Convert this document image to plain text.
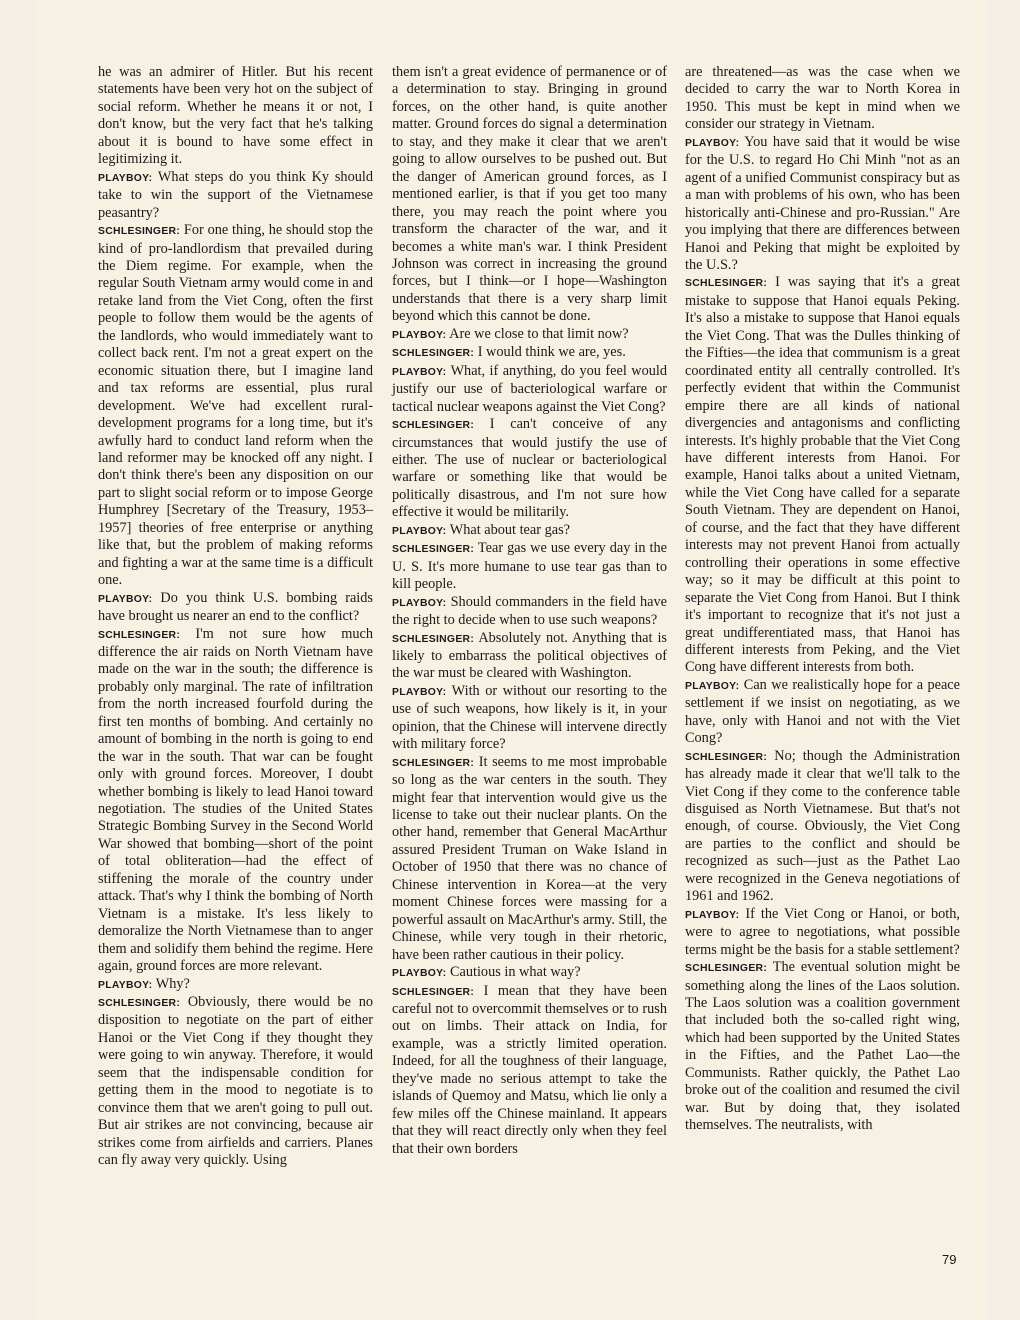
he was an admirer of Hitler. But his recent statements have been very hot on the subject of social reform. Whether he means it or not, I don't know, but the very fact that he's talking about it is bound to have some effect in legitimizing it.

PLAYBOY: What steps do you think Ky should take to win the support of the Vietnamese peasantry?

SCHLESINGER: For one thing, he should stop the kind of pro-landlordism that prevailed during the Diem regime. For example, when the regular South Vietnam army would come in and retake land from the Viet Cong, often the first people to follow them would be the agents of the landlords, who would immediately want to collect back rent. I'm not a great expert on the economic situation there, but I imagine land and tax reforms are essential, plus rural development. We've had excellent rural-development programs for a long time, but it's awfully hard to conduct land reform when the land reformer may be knocked off any night. I don't think there's been any disposition on our part to slight social reform or to impose George Humphrey [Secretary of the Treasury, 1953–1957] theories of free enterprise or anything like that, but the problem of making reforms and fighting a war at the same time is a difficult one.

PLAYBOY: Do you think U.S. bombing raids have brought us nearer an end to the conflict?

SCHLESINGER: I'm not sure how much difference the air raids on North Vietnam have made on the war in the south; the difference is probably only marginal. The rate of infiltration from the north increased fourfold during the first ten months of bombing. And certainly no amount of bombing in the north is going to end the war in the south. That war can be fought only with ground forces. Moreover, I doubt whether bombing is likely to lead Hanoi toward negotiation. The studies of the United States Strategic Bombing Survey in the Second World War showed that bombing—short of the point of total obliteration—had the effect of stiffening the morale of the country under attack. That's why I think the bombing of North Vietnam is a mistake. It's less likely to demoralize the North Vietnamese than to anger them and solidify them behind the regime. Here again, ground forces are more relevant.

PLAYBOY: Why?

SCHLESINGER: Obviously, there would be no disposition to negotiate on the part of either Hanoi or the Viet Cong if they thought they were going to win anyway. Therefore, it would seem that the indispensable condition for getting them in the mood to negotiate is to convince them that we aren't going to pull out. But air strikes are not convincing, because air strikes come from airfields and carriers. Planes can fly away very quickly. Using

them isn't a great evidence of permanence or of a determination to stay. Bringing in ground forces, on the other hand, is quite another matter. Ground forces do signal a determination to stay, and they make it clear that we aren't going to allow ourselves to be pushed out. But the danger of American ground forces, as I mentioned earlier, is that if you get too many there, you may reach the point where you transform the character of the war, and it becomes a white man's war. I think President Johnson was correct in increasing the ground forces, but I think—or I hope—Washington understands that there is a very sharp limit beyond which this cannot be done.

PLAYBOY: Are we close to that limit now?

SCHLESINGER: I would think we are, yes.

PLAYBOY: What, if anything, do you feel would justify our use of bacteriological warfare or tactical nuclear weapons against the Viet Cong?

SCHLESINGER: I can't conceive of any circumstances that would justify the use of either. The use of nuclear or bacteriological warfare or something like that would be politically disastrous, and I'm not sure how effective it would be militarily.

PLAYBOY: What about tear gas?

SCHLESINGER: Tear gas we use every day in the U. S. It's more humane to use tear gas than to kill people.

PLAYBOY: Should commanders in the field have the right to decide when to use such weapons?

SCHLESINGER: Absolutely not. Anything that is likely to embarrass the political objectives of the war must be cleared with Washington.

PLAYBOY: With or without our resorting to the use of such weapons, how likely is it, in your opinion, that the Chinese will intervene directly with military force?

SCHLESINGER: It seems to me most improbable so long as the war centers in the south. They might fear that intervention would give us the license to take out their nuclear plants. On the other hand, remember that General MacArthur assured President Truman on Wake Island in October of 1950 that there was no chance of Chinese intervention in Korea—at the very moment Chinese forces were massing for a powerful assault on MacArthur's army. Still, the Chinese, while very tough in their rhetoric, have been rather cautious in their policy.

PLAYBOY: Cautious in what way?

SCHLESINGER: I mean that they have been careful not to overcommit themselves or to rush out on limbs. Their attack on India, for example, was a strictly limited operation. Indeed, for all the toughness of their language, they've made no serious attempt to take the islands of Quemoy and Matsu, which lie only a few miles off the Chinese mainland. It appears that they will react directly only when they feel that their own borders

are threatened—as was the case when we decided to carry the war to North Korea in 1950. This must be kept in mind when we consider our strategy in Vietnam.

PLAYBOY: You have said that it would be wise for the U.S. to regard Ho Chi Minh "not as an agent of a unified Communist conspiracy but as a man with problems of his own, who has been historically anti-Chinese and pro-Russian." Are you implying that there are differences between Hanoi and Peking that might be exploited by the U.S.?

SCHLESINGER: I was saying that it's a great mistake to suppose that Hanoi equals Peking. It's also a mistake to suppose that Hanoi equals the Viet Cong. That was the Dulles thinking of the Fifties—the idea that communism is a great coordinated entity all centrally controlled. It's perfectly evident that within the Communist empire there are all kinds of national divergencies and antagonisms and conflicting interests. It's highly probable that the Viet Cong have different interests from Hanoi. For example, Hanoi talks about a united Vietnam, while the Viet Cong have called for a separate South Vietnam. They are dependent on Hanoi, of course, and the fact that they have different interests may not prevent Hanoi from actually controlling their operations in some effective way; so it may be difficult at this point to separate the Viet Cong from Hanoi. But I think it's important to recognize that it's not just a great undifferentiated mass, that Hanoi has different interests from Peking, and the Viet Cong have different interests from both.

PLAYBOY: Can we realistically hope for a peace settlement if we insist on negotiating, as we have, only with Hanoi and not with the Viet Cong?

SCHLESINGER: No; though the Administration has already made it clear that we'll talk to the Viet Cong if they come to the conference table disguised as North Vietnamese. But that's not enough, of course. Obviously, the Viet Cong are parties to the conflict and should be recognized as such—just as the Pathet Lao were recognized in the Geneva negotiations of 1961 and 1962.

PLAYBOY: If the Viet Cong or Hanoi, or both, were to agree to negotiations, what possible terms might be the basis for a stable settlement?

SCHLESINGER: The eventual solution might be something along the lines of the Laos solution. The Laos solution was a coalition government that included both the so-called right wing, which had been supported by the United States in the Fifties, and the Pathet Lao—the Communists. Rather quickly, the Pathet Lao broke out of the coalition and resumed the civil war. But by doing that, they isolated themselves. The neutralists, with

79
